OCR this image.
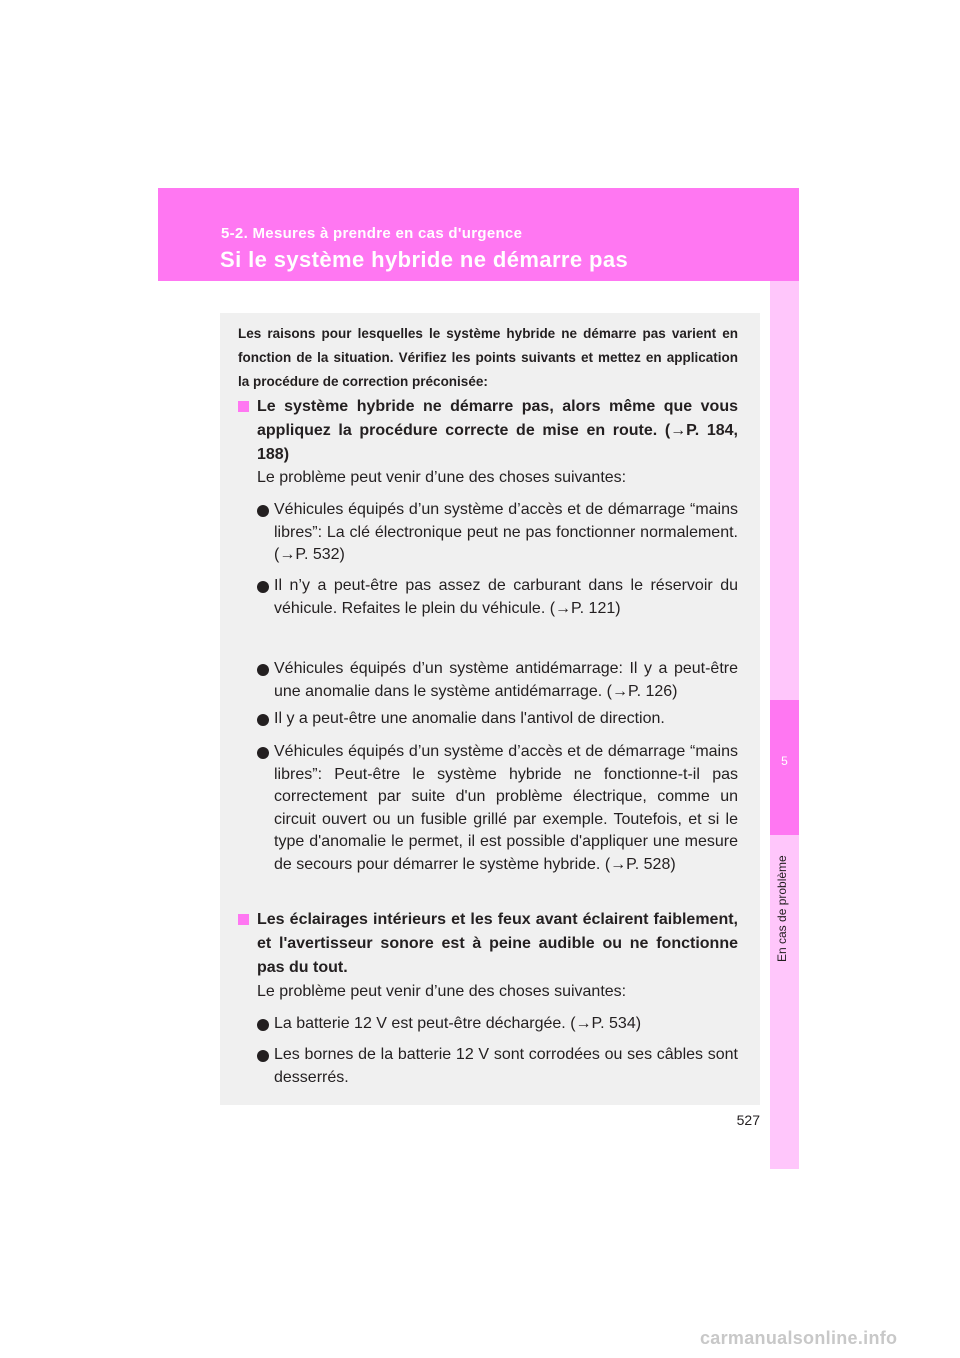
5-2. Mesures à prendre en cas d'urgence
Si le système hybride ne démarre pas
5
En cas de problème
Les raisons pour lesquelles le système hybride ne démarre pas varient en fonction de la situation. Vérifiez les points suivants et mettez en application la procédure de correction préconisée:
Le système hybride ne démarre pas, alors même que vous appliquez la procédure correcte de mise en route. (→P. 184, 188)
Le problème peut venir d’une des choses suivantes:
Véhicules équipés d’un système d’accès et de démarrage “mains libres”: La clé électronique peut ne pas fonctionner normalement. (→P. 532)
Il n’y a peut-être pas assez de carburant dans le réservoir du véhicule. Refaites le plein du véhicule. (→P. 121)
Véhicules équipés d’un système antidémarrage: Il y a peut-être une anomalie dans le système antidémarrage. (→P. 126)
Il y a peut-être une anomalie dans l'antivol de direction.
Véhicules équipés d’un système d’accès et de démarrage “mains libres”: Peut-être le système hybride ne fonctionne-t-il pas correctement par suite d'un problème électrique, comme un circuit ouvert ou un fusible grillé par exemple. Toutefois, et si le type d'anomalie le permet, il est possible d'appliquer une mesure de secours pour démarrer le système hybride. (→P. 528)
Les éclairages intérieurs et les feux avant éclairent faiblement, et l'avertisseur sonore est à peine audible ou ne fonctionne pas du tout.
Le problème peut venir d’une des choses suivantes:
La batterie 12 V est peut-être déchargée. (→P. 534)
Les bornes de la batterie 12 V sont corrodées ou ses câbles sont desserrés.
527
carmanualsonline.info
